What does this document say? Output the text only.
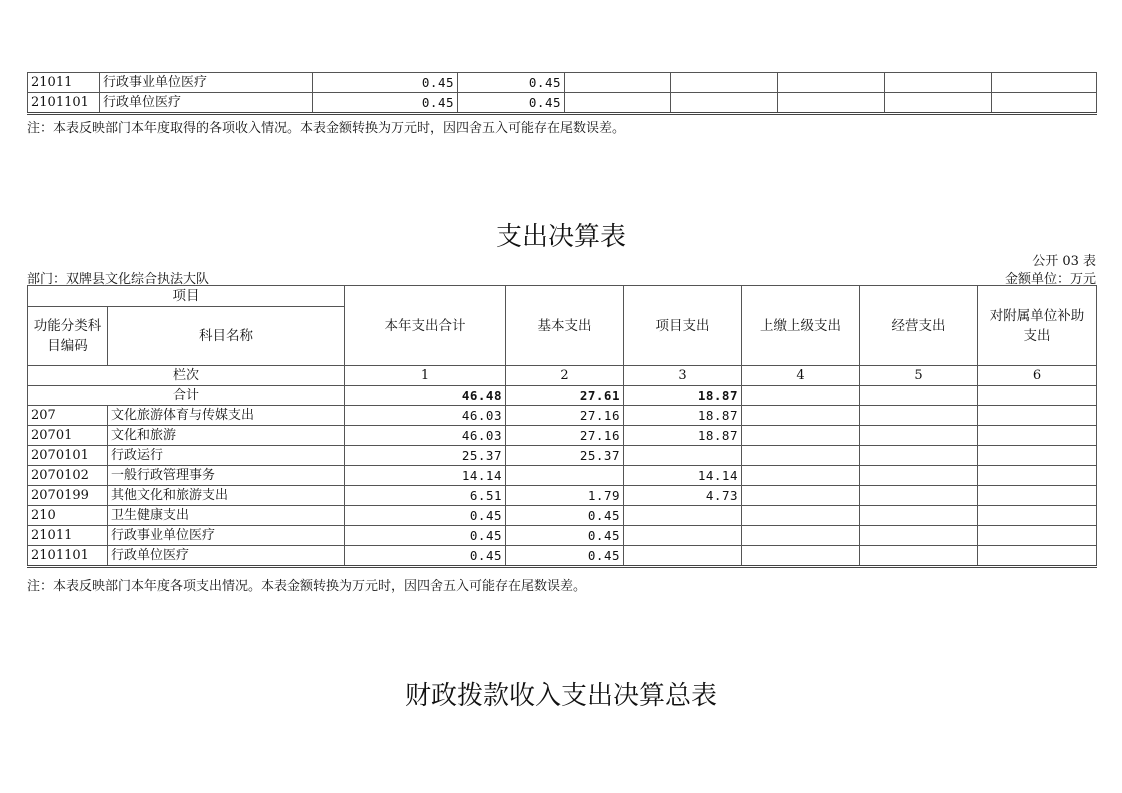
21011	行政事业单位医疗	0.45	0.45					
2101101	行政单位医疗	0.45	0.45					
注：本表反映部门本年度取得的各项收入情况。本表金额转换为万元时，因四舍五入可能存在尾数误差。
支出决算表
公开 03 表
部门：双牌县文化综合执法大队	金额单位：万元
项目		本年支出合计	基本支出	项目支出	上缴上级支出	经营支出	对附属单位补助支出
功能分类科目编码	科目名称						
栏次		1	2	3	4	5	6
合计		46.48	27.61	18.87			
207	文化旅游体育与传媒支出	46.03	27.16	18.87			
20701	文化和旅游	46.03	27.16	18.87			
2070101	行政运行	25.37	25.37				
2070102	一般行政管理事务	14.14		14.14			
2070199	其他文化和旅游支出	6.51	1.79	4.73			
210	卫生健康支出	0.45	0.45				
21011	行政事业单位医疗	0.45	0.45				
2101101	行政单位医疗	0.45	0.45				
注：本表反映部门本年度各项支出情况。本表金额转换为万元时，因四舍五入可能存在尾数误差。
财政拨款收入支出决算总表
